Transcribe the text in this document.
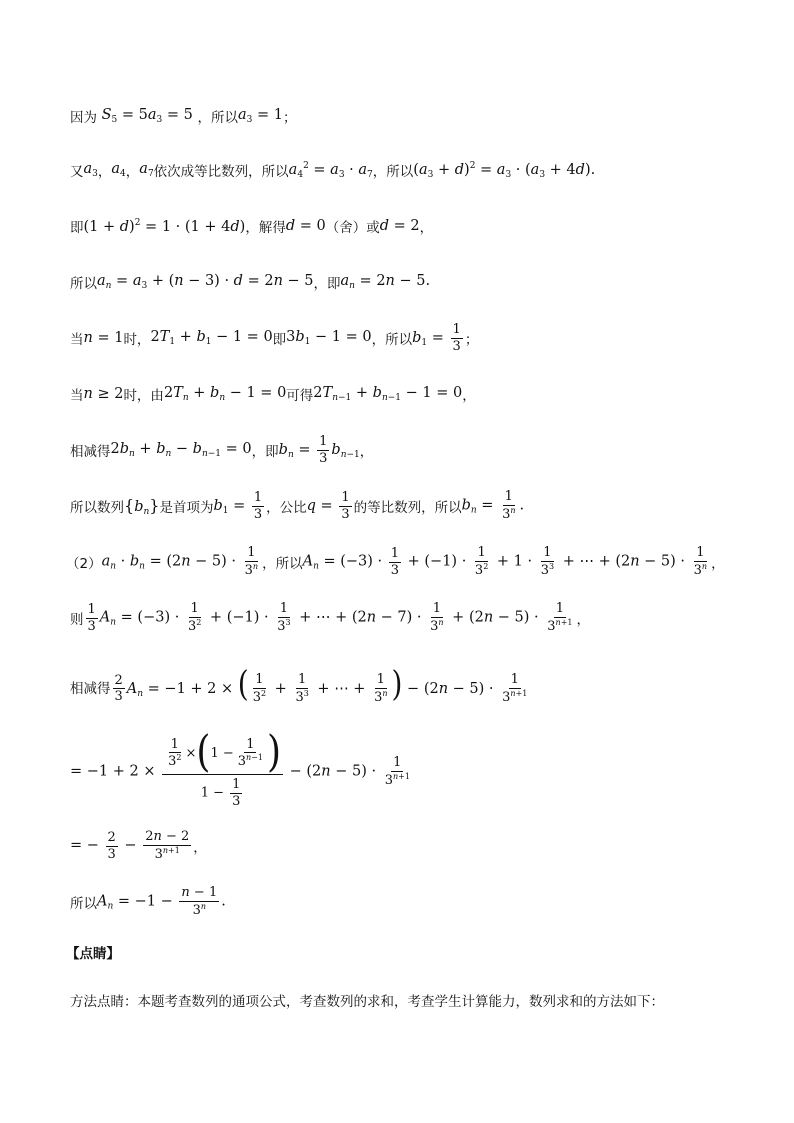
因为 $S_5 = 5a_3 = 5$ ，所以 $a_3 = 1$ ；
又 $a_3$ ， $a_4$ ， $a_7$ 依次成等比数列，所以 $a_4^2 = a_3 \cdot a_7$ ，所以 $(a_3 + d)^2 = a_3 \cdot (a_3 + 4d)$.
即 $(1 + d)^2 = 1 \cdot (1 + 4d)$ ，解得 d = 0 （舍）或 d = 2 ，
所以 $a_n = a_3 + (n - 3) \cdot d = 2n - 5$ ，即 $a_n = 2n - 5$.
当 n = 1 时， $2T_1 + b_1 - 1 = 0$ 即 $3b_1 - 1 = 0$ ，所以 $b_1 = \frac{1}{3}$ ；
当 n ≥ 2 时，由 $2T_n + b_n - 1 = 0$ 可得 $2T_{n-1} + b_{n-1} - 1 = 0$ ，
相减得 $2b_n + b_n - b_{n-1} = 0$ ，即 $b_n = \frac{1}{3} b_{n-1}$ ，
所以数列 $\{b_n\}$ 是首项为 $b_1 = \frac{1}{3}$ ，公比 $q = \frac{1}{3}$ 的等比数列，所以 $b_n = \frac{1}{3^n}$ .
（2） $a_n \cdot b_n = (2n - 5) \cdot \frac{1}{3^n}$ ，所以 $A_n = (-3) \cdot \frac{1}{3} + (-1) \cdot \frac{1}{3^2} + 1 \cdot \frac{1}{3^3}$ + ⋯ + $(2n - 5) \cdot \frac{1}{3^n}$ ，
则 $\frac{1}{3} A_n = (-3) \cdot \frac{1}{3^2} + (-1) \cdot \frac{1}{3^3}$ + ⋯ + $(2n - 7) \cdot \frac{1}{3^n} + (2n - 5) \cdot \frac{1}{3^{n+1}}$ ，
相减得 $\frac{2}{3} A_n = -1 + 2$ × ( $\frac{1}{3^2} + \frac{1}{3^3}$ + ⋯ + $\frac{1}{3^n}$ ) − $(2n - 5) \cdot \frac{1}{3^{n+1}}$
= $-1 + 2 \times \frac{\frac{1}{3^2} \times ( 1 - \frac{1}{3^{n-1}} )}{1 - \frac{1}{3}} - (2n - 5) \cdot \frac{1}{3^{n+1}}$
= − $\frac{2}{3} - \frac{2n - 2}{3^{n+1}}$ ，
所以 $A_n = -1 - \frac{n - 1}{3^n}$ .
【 点睛 】
方法点睛：本题考查数列的通项公式，考查数列的求和，考查学生计算能力，数列求和的方法如下：
